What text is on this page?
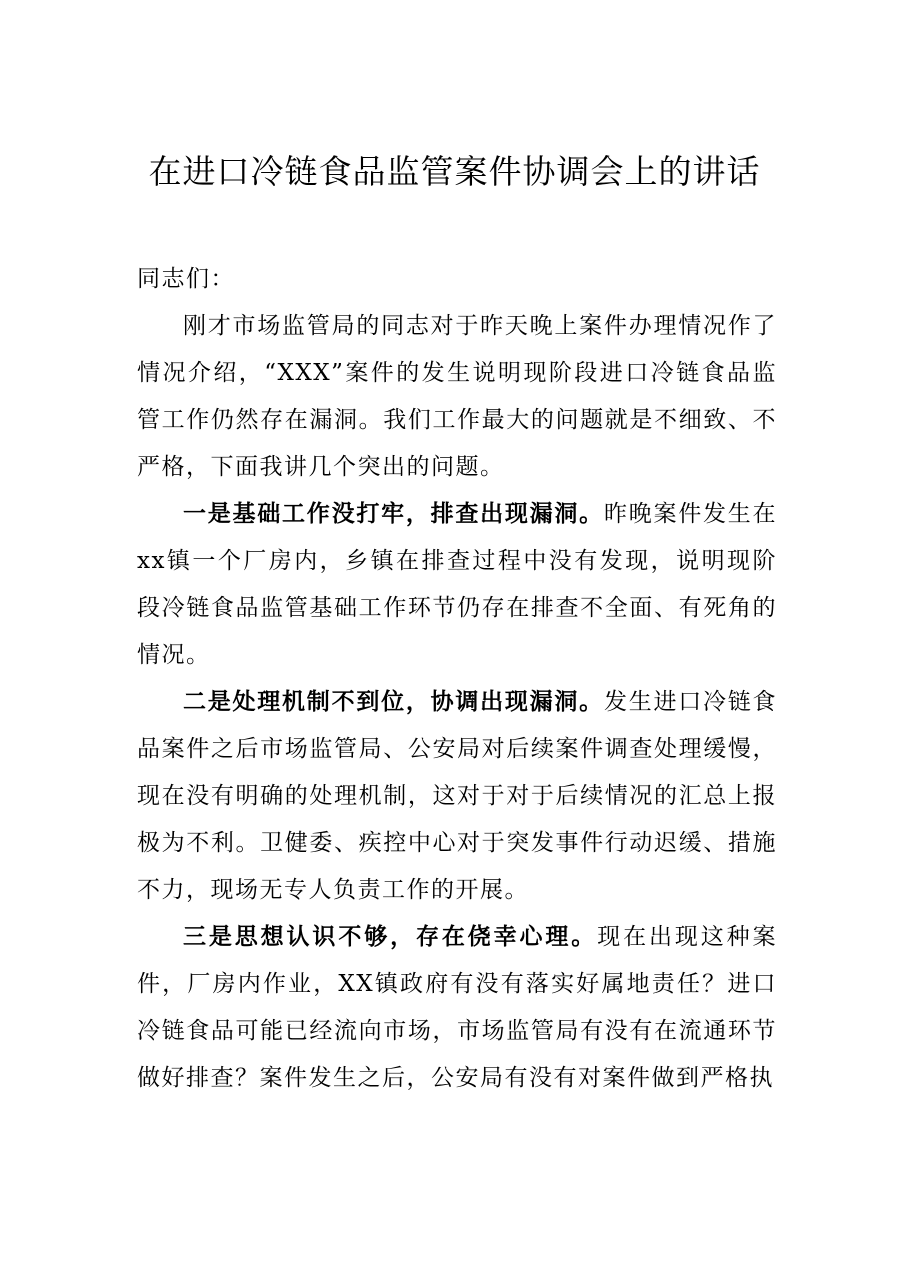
在进口冷链食品监管案件协调会上的讲话

同志们：

刚才市场监管局的同志对于昨天晚上案件办理情况作了情况介绍，“XXX”案件的发生说明现阶段进口冷链食品监管工作仍然存在漏洞。我们工作最大的问题就是不细致、不严格，下面我讲几个突出的问题。

一是基础工作没打牢，排查出现漏洞。昨晚案件发生在xx镇一个厂房内，乡镇在排查过程中没有发现，说明现阶段冷链食品监管基础工作环节仍存在排查不全面、有死角的情况。

二是处理机制不到位，协调出现漏洞。发生进口冷链食品案件之后市场监管局、公安局对后续案件调查处理缓慢，现在没有明确的处理机制，这对于对于后续情况的汇总上报极为不利。卫健委、疾控中心对于突发事件行动迟缓、措施不力，现场无专人负责工作的开展。

三是思想认识不够，存在侥幸心理。现在出现这种案件，厂房内作业，XX镇政府有没有落实好属地责任？进口冷链食品可能已经流向市场，市场监管局有没有在流通环节做好排查？案件发生之后，公安局有没有对案件做到严格执
